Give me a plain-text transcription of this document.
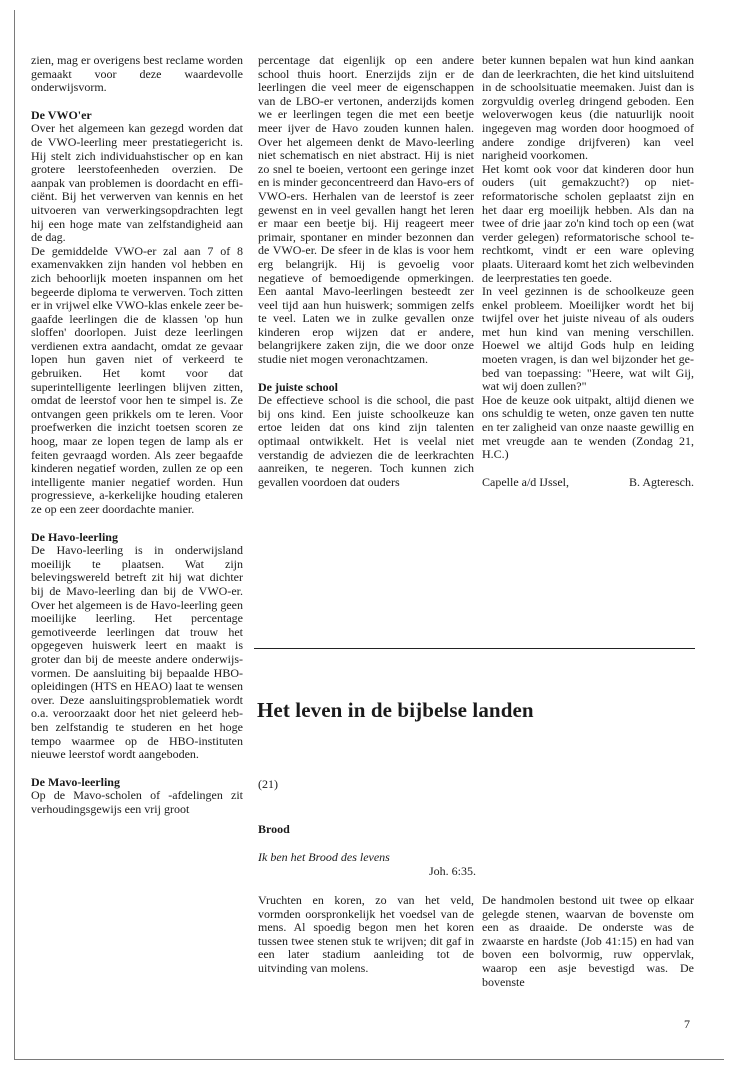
zien, mag er overigens best reclame worden gemaakt voor deze waardevolle onderwijsvorm.

De VWO'er

Over het algemeen kan gezegd worden dat de VWO-leerling meer prestatiegericht is. Hij stelt zich individuahstischer op en kan grotere leerstofeenheden overzien. De aanpak van problemen is doordacht en efficiënt. Bij het verwerven van kennis en het uitvoeren van verwerkingsopdrachten legt hij een hoge mate van zelfstandigheid aan de dag.

De gemiddelde VWO-er zal aan 7 of 8 examenvakken zijn handen vol hebben en zich behoorlijk moeten inspannen om het begeerde diploma te verwerven. Toch zitten er in vrijwel elke VWO-klas enkele zeer begaafde leerlingen die de klassen 'op hun sloffen' doorlopen. Juist deze leerlingen verdienen extra aandacht, omdat ze gevaar lopen hun gaven niet of verkeerd te gebruiken. Het komt voor dat superintelligente leerlingen blijven zitten, omdat de leerstof voor hen te simpel is. Ze ontvangen geen prikkels om te leren. Voor proefwerken die inzicht toetsen scoren ze hoog, maar ze lopen tegen de lamp als er feiten gevraagd worden. Als zeer begaafde kinderen negatief worden, zullen ze op een intelligente manier negatief worden. Hun progressieve, a-kerkelijke houding etaleren ze op een zeer doordachte manier.

De Havo-leerling

De Havo-leerling is in onderwijsland moeilijk te plaatsen. Wat zijn belevingswereld betreft zit hij wat dichter bij de Mavo-leerling dan bij de VWO-er. Over het algemeen is de Havo-leerling geen moeilijke leerling. Het percentage gemotiveerde leerlingen dat trouw het opgegeven huiswerk leert en maakt is groter dan bij de meeste andere onderwijsvormen. De aansluiting bij bepaalde HBO-opleidingen (HTS en HEAO) laat te wensen over. Deze aansluitingsproblematiek wordt o.a. veroorzaakt door het niet geleerd hebben zelfstandig te studeren en het hoge tempo waarmee op de HBO-instituten nieuwe leerstof wordt aangeboden.

De Mavo-leerling

Op de Mavo-scholen of -afdelingen zit verhoudingsgewijs een vrij groot

percentage dat eigenlijk op een andere school thuis hoort. Enerzijds zijn er de leerlingen die veel meer de eigenschappen van de LBO-er vertonen, anderzijds komen we er leerlingen tegen die met een beetje meer ijver de Havo zouden kunnen halen. Over het algemeen denkt de Mavo-leerling niet schematisch en niet abstract. Hij is niet zo snel te boeien, vertoont een geringe inzet en is minder geconcentreerd dan Havo-ers of VWO-ers. Herhalen van de leerstof is zeer gewenst en in veel gevallen hangt het leren er maar een beetje bij. Hij reageert meer primair, spontaner en minder bezonnen dan de VWO-er. De sfeer in de klas is voor hem erg belangrijk. Hij is gevoelig voor negatieve of bemoedigende opmerkingen. Een aantal Mavo-leerlingen besteedt zer veel tijd aan hun huiswerk; sommigen zelfs te veel. Laten we in zulke gevallen onze kinderen erop wijzen dat er andere, belangrijkere zaken zijn, die we door onze studie niet mogen veronachtzamen.

De juiste school

De effectieve school is die school, die past bij ons kind. Een juiste schoolkeuze kan ertoe leiden dat ons kind zijn talenten optimaal ontwikkelt. Het is veelal niet verstandig de adviezen die de leerkrachten aanreiken, te negeren. Toch kunnen zich gevallen voordoen dat ouders

beter kunnen bepalen wat hun kind aankan dan de leerkrachten, die het kind uitsluitend in de schoolsituatie meemaken. Juist dan is zorgvuldig overleg dringend geboden. Een weloverwogen keus (die natuurlijk nooit ingegeven mag worden door hoogmoed of andere zondige drijfveren) kan veel narigheid voorkomen.

Het komt ook voor dat kinderen door hun ouders (uit gemakzucht?) op niet-reformatorische scholen geplaatst zijn en het daar erg moeilijk hebben. Als dan na twee of drie jaar zo'n kind toch op een (wat verder gelegen) reformatorische school terechtkomt, vindt er een ware opleving plaats. Uiteraard komt het zich welbevinden de leerprestaties ten goede.

In veel gezinnen is de schoolkeuze geen enkel probleem. Moeilijker wordt het bij twijfel over het juiste niveau of als ouders met hun kind van mening verschillen. Hoewel we altijd Gods hulp en leiding moeten vragen, is dan wel bijzonder het gebed van toepassing: "Heere, wat wilt Gij, wat wij doen zullen?"

Hoe de keuze ook uitpakt, altijd dienen we ons schuldig te weten, onze gaven ten nutte en ter zaligheid van onze naaste gewillig en met vreugde aan te wenden (Zondag 21, H.C.)

Capelle a/d IJssel,	B. Agteresch.
Het leven in de bijbelse landen
(21)
Brood
Ik ben het Brood des levens
Joh. 6:35.

Vruchten en koren, zo van het veld, vormden oorspronkelijk het voedsel van de mens. Al spoedig begon men het koren tussen twee stenen stuk te wrijven; dit gaf in een later stadium aanleiding tot de uitvinding van molens.

De handmolen bestond uit twee op elkaar gelegde stenen, waarvan de bovenste om een as draaide. De onderste was de zwaarste en hardste (Job 41:15) en had van boven een bolvormig, ruw oppervlak, waarop een asje bevestigd was. De bovenste

7
